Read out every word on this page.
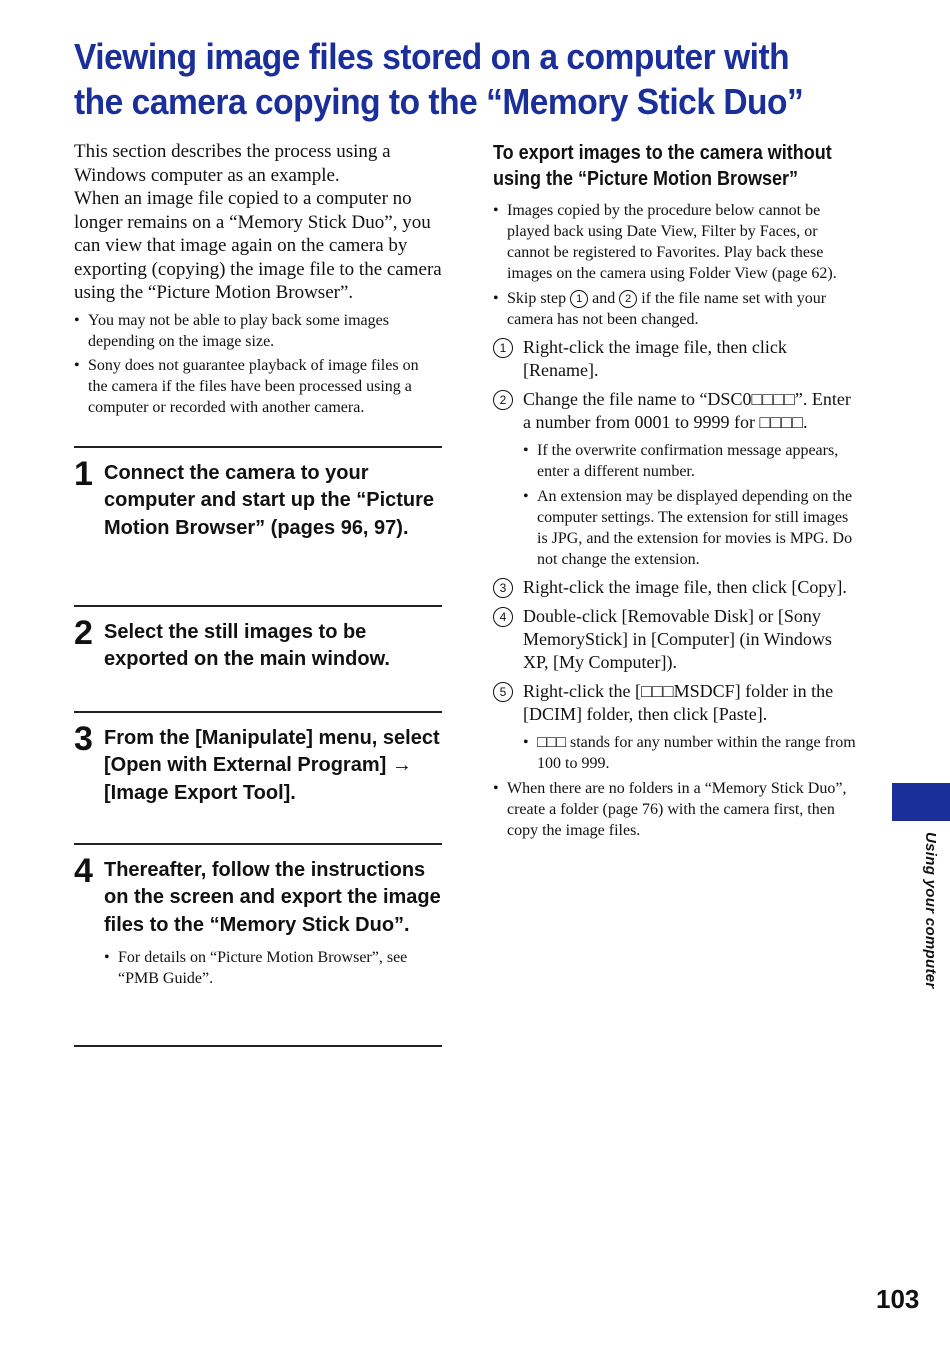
Viewing image files stored on a computer with the camera copying to the “Memory Stick Duo”

This section describes the process using a Windows computer as an example.

When an image file copied to a computer no longer remains on a “Memory Stick Duo”, you can view that image again on the camera by exporting (copying) the image file to the camera using the “Picture Motion Browser”.

• You may not be able to play back some images depending on the image size.

• Sony does not guarantee playback of image files on the camera if the files have been processed using a computer or recorded with another camera.

1 Connect the camera to your computer and start up the “Picture Motion Browser” (pages 96, 97).

2 Select the still images to be exported on the main window.

3 From the [Manipulate] menu, select [Open with External Program] → [Image Export Tool].

4 Thereafter, follow the instructions on the screen and export the image files to the “Memory Stick Duo”.

• For details on “Picture Motion Browser”, see “PMB Guide”.

To export images to the camera without using the “Picture Motion Browser”

• Images copied by the procedure below cannot be played back using Date View, Filter by Faces, or cannot be registered to Favorites. Play back these images on the camera using Folder View (page 62).

• Skip step 1 and 2 if the file name set with your camera has not been changed.

1 Right-click the image file, then click [Rename].

2 Change the file name to “DSC0□□□□”. Enter a number from 0001 to 9999 for □□□□.

• If the overwrite confirmation message appears, enter a different number.

• An extension may be displayed depending on the computer settings. The extension for still images is JPG, and the extension for movies is MPG. Do not change the extension.

3 Right-click the image file, then click [Copy].

4 Double-click [Removable Disk] or [Sony MemoryStick] in [Computer] (in Windows XP, [My Computer]).

5 Right-click the [□□□MSDCF] folder in the [DCIM] folder, then click [Paste].

• □□□ stands for any number within the range from 100 to 999.

• When there are no folders in a “Memory Stick Duo”, create a folder (page 76) with the camera first, then copy the image files.

Using your computer
103
